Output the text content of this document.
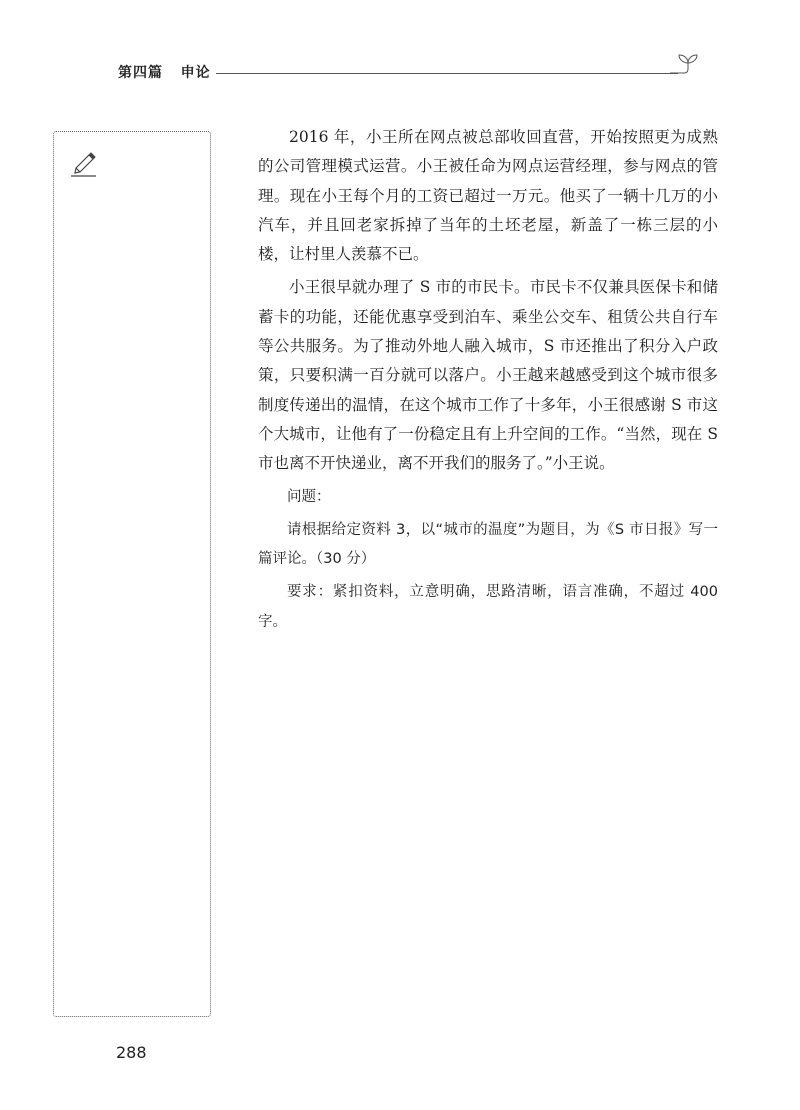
第四篇 申论

2016 年，小王所在网点被总部收回直营，开始按照更为成熟的公司管理模式运营。小王被任命为网点运营经理，参与网点的管理。现在小王每个月的工资已超过一万元。他买了一辆十几万的小汽车，并且回老家拆掉了当年的土坯老屋，新盖了一栋三层的小楼，让村里人羡慕不已。

小王很早就办理了 S 市的市民卡。市民卡不仅兼具医保卡和储蓄卡的功能，还能优惠享受到泊车、乘坐公交车、租赁公共自行车等公共服务。为了推动外地人融入城市，S 市还推出了积分入户政策，只要积满一百分就可以落户。小王越来越感受到这个城市很多制度传递出的温情，在这个城市工作了十多年，小王很感谢 S 市这个大城市，让他有了一份稳定且有上升空间的工作。“当然，现在 S 市也离不开快递业，离不开我们的服务了。”小王说。

问题：

请根据给定资料 3，以“城市的温度”为题目，为《S 市日报》写一篇评论。（30 分）

要求：紧扣资料，立意明确，思路清晰，语言准确，不超过 400 字。

288
